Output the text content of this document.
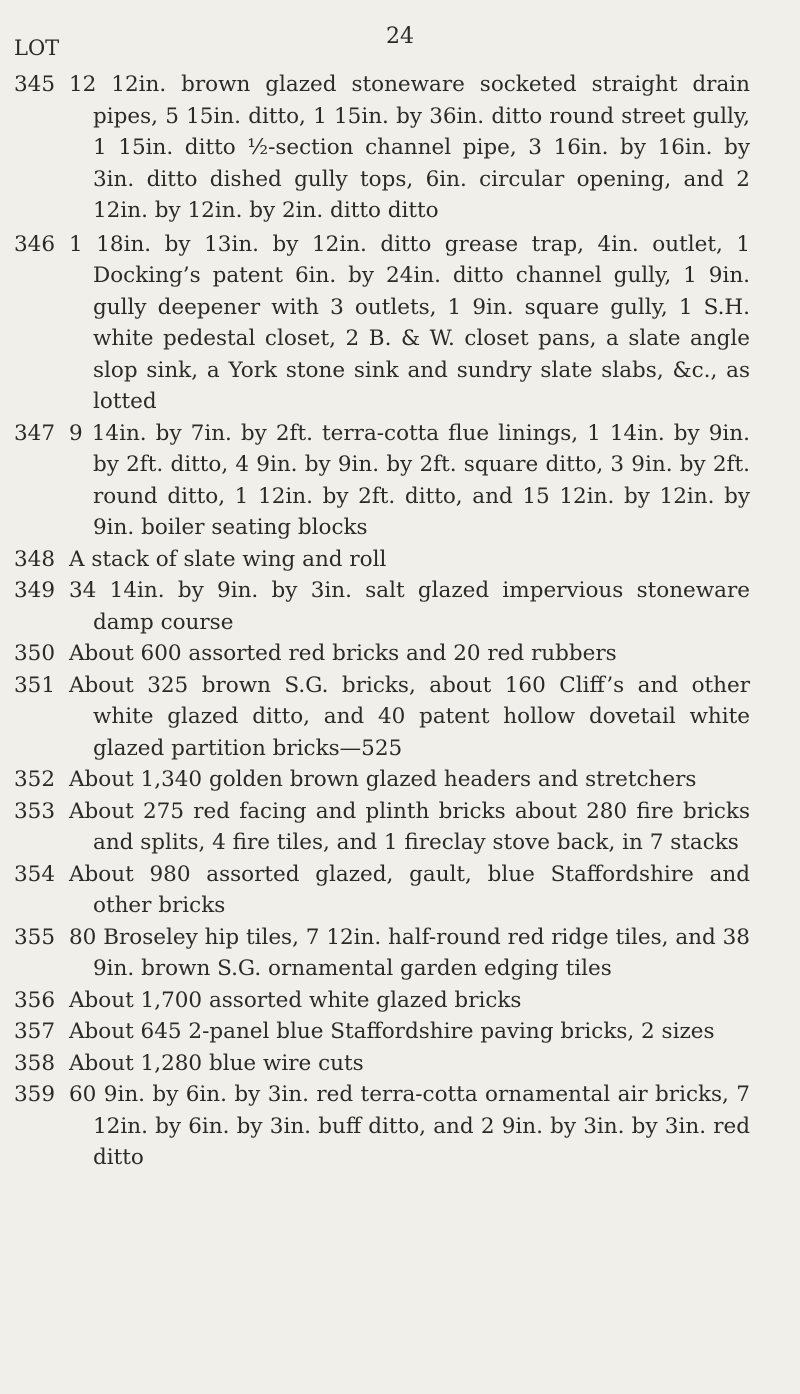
24
LOT
345 12 12in. brown glazed stoneware socketed straight drain pipes, 5 15in. ditto, 1 15in. by 36in. ditto round street gully, 1 15in. ditto ½-section channel pipe, 3 16in. by 16in. by 3in. ditto dished gully tops, 6in. circular opening, and 2 12in. by 12in. by 2in. ditto ditto
346 1 18in. by 13in. by 12in. ditto grease trap, 4in. outlet, 1 Docking’s patent 6in. by 24in. ditto channel gully, 1 9in. gully deepener with 3 outlets, 1 9in. square gully, 1 S.H. white pedestal closet, 2 B. & W. closet pans, a slate angle slop sink, a York stone sink and sundry slate slabs, &c., as lotted
347 9 14in. by 7in. by 2ft. terra-cotta flue linings, 1 14in. by 9in. by 2ft. ditto, 4 9in. by 9in. by 2ft. square ditto, 3 9in. by 2ft. round ditto, 1 12in. by 2ft. ditto, and 15 12in. by 12in. by 9in. boiler seating blocks
348 A stack of slate wing and roll
349 34 14in. by 9in. by 3in. salt glazed impervious stoneware damp course
350 About 600 assorted red bricks and 20 red rubbers
351 About 325 brown S.G. bricks, about 160 Cliff’s and other white glazed ditto, and 40 patent hollow dovetail white glazed partition bricks—525
352 About 1,340 golden brown glazed headers and stretchers
353 About 275 red facing and plinth bricks about 280 fire bricks and splits, 4 fire tiles, and 1 fireclay stove back, in 7 stacks
354 About 980 assorted glazed, gault, blue Staffordshire and other bricks
355 80 Broseley hip tiles, 7 12in. half-round red ridge tiles, and 38 9in. brown S.G. ornamental garden edging tiles
356 About 1,700 assorted white glazed bricks
357 About 645 2-panel blue Staffordshire paving bricks, 2 sizes
358 About 1,280 blue wire cuts
359 60 9in. by 6in. by 3in. red terra-cotta ornamental air bricks, 7 12in. by 6in. by 3in. buff ditto, and 2 9in. by 3in. by 3in. red ditto
